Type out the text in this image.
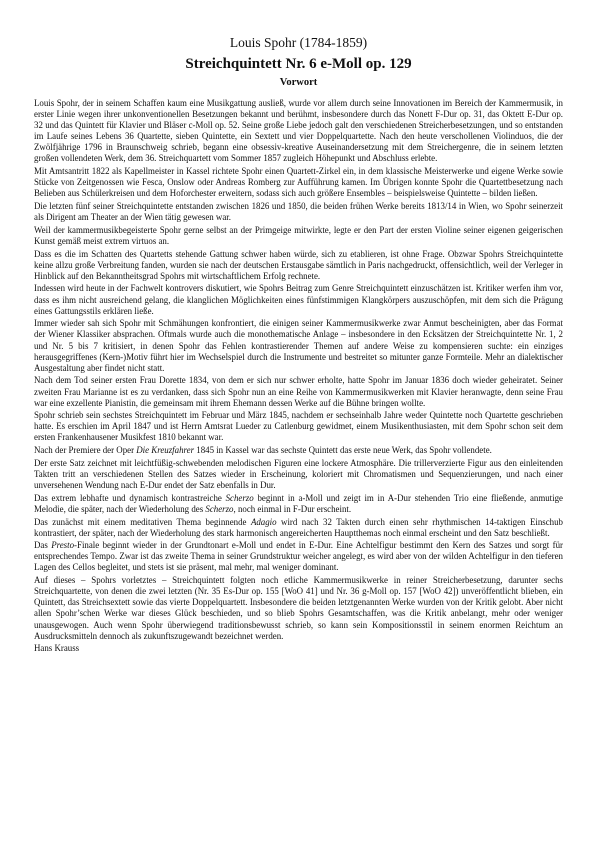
Louis Spohr (1784-1859)
Streichquintett Nr. 6 e-Moll op. 129
Vorwort

Louis Spohr, der in seinem Schaffen kaum eine Musikgattung ausließ, wurde vor allem durch seine Innovationen im Bereich der Kammermusik, in erster Linie wegen ihrer unkonventionellen Besetzungen bekannt und berühmt, insbesondere durch das Nonett F-Dur op. 31, das Oktett E-Dur op. 32 und das Quintett für Klavier und Bläser c-Moll op. 52. Seine große Liebe jedoch galt den verschiedenen Streicherbesetzungen, und so entstanden im Laufe seines Lebens 36 Quartette, sieben Quintette, ein Sextett und vier Doppelquartette. Nach den heute verschollenen Violinduos, die der Zwölfjährige 1796 in Braunschweig schrieb, begann eine obsessiv-kreative Auseinandersetzung mit dem Streichergenre, die in seinem letzten großen vollendeten Werk, dem 36. Streichquartett vom Sommer 1857 zugleich Höhepunkt und Abschluss erlebte.

Mit Amtsantritt 1822 als Kapellmeister in Kassel richtete Spohr einen Quartett-Zirkel ein, in dem klassische Meisterwerke und eigene Werke sowie Stücke von Zeitgenossen wie Fesca, Onslow oder Andreas Romberg zur Aufführung kamen. Im Übrigen konnte Spohr die Quartettbesetzung nach Belieben aus Schülerkreisen und dem Hoforchester erweitern, sodass sich auch größere Ensembles – beispielsweise Quintette – bilden ließen.

Die letzten fünf seiner Streichquintette entstanden zwischen 1826 und 1850, die beiden frühen Werke bereits 1813/14 in Wien, wo Spohr seinerzeit als Dirigent am Theater an der Wien tätig gewesen war.

Weil der kammermusikbegeisterte Spohr gerne selbst an der Primgeige mitwirkte, legte er den Part der ersten Violine seiner eigenen geigerischen Kunst gemäß meist extrem virtuos an.

Dass es die im Schatten des Quartetts stehende Gattung schwer haben würde, sich zu etablieren, ist ohne Frage. Obzwar Spohrs Streichquintette keine allzu große Verbreitung fanden, wurden sie nach der deutschen Erstausgabe sämtlich in Paris nachgedruckt, offensichtlich, weil der Verleger in Hinblick auf den Bekanntheitsgrad Spohrs mit wirtschaftlichem Erfolg rechnete.

Indessen wird heute in der Fachwelt kontrovers diskutiert, wie Spohrs Beitrag zum Genre Streichquintett einzuschätzen ist. Kritiker werfen ihm vor, dass es ihm nicht ausreichend gelang, die klanglichen Möglichkeiten eines fünfstimmigen Klangkörpers auszuschöpfen, mit dem sich die Prägung eines Gattungsstils erklären ließe.

Immer wieder sah sich Spohr mit Schmähungen konfrontiert, die einigen seiner Kammermusikwerke zwar Anmut bescheinigten, aber das Format der Wiener Klassiker absprachen. Oftmals wurde auch die monothematische Anlage – insbesondere in den Ecksätzen der Streichquintette Nr. 1, 2 und Nr. 5 bis 7 kritisiert, in denen Spohr das Fehlen kontrastierender Themen auf andere Weise zu kompensieren suchte: ein einziges herausgegriffenes (Kern-)Motiv führt hier im Wechselspiel durch die Instrumente und bestreitet so mitunter ganze Formteile. Mehr an dialektischer Ausgestaltung aber findet nicht statt.

Nach dem Tod seiner ersten Frau Dorette 1834, von dem er sich nur schwer erholte, hatte Spohr im Januar 1836 doch wieder geheiratet. Seiner zweiten Frau Marianne ist es zu verdanken, dass sich Spohr nun an eine Reihe von Kammermusikwerken mit Klavier heranwagte, denn seine Frau war eine exzellente Pianistin, die gemeinsam mit ihrem Ehemann dessen Werke auf die Bühne bringen wollte.

Spohr schrieb sein sechstes Streichquintett im Februar und März 1845, nachdem er sechseinhalb Jahre weder Quintette noch Quartette geschrieben hatte. Es erschien im April 1847 und ist Herrn Amtsrat Lueder zu Catlenburg gewidmet, einem Musikenthusiasten, mit dem Spohr schon seit dem ersten Frankenhausener Musikfest 1810 bekannt war.

Nach der Premiere der Oper Die Kreuzfahrer 1845 in Kassel war das sechste Quintett das erste neue Werk, das Spohr vollendete.

Der erste Satz zeichnet mit leichtfüßig-schwebenden melodischen Figuren eine lockere Atmosphäre. Die trillerverzierte Figur aus den einleitenden Takten tritt an verschiedenen Stellen des Satzes wieder in Erscheinung, koloriert mit Chromatismen und Sequenzierungen, und nach einer unversehenen Wendung nach E-Dur endet der Satz ebenfalls in Dur.

Das extrem lebhafte und dynamisch kontrastreiche Scherzo beginnt in a-Moll und zeigt im in A-Dur stehenden Trio eine fließende, anmutige Melodie, die später, nach der Wiederholung des Scherzo, noch einmal in F-Dur erscheint.

Das zunächst mit einem meditativen Thema beginnende Adagio wird nach 32 Takten durch einen sehr rhythmischen 14-taktigen Einschub kontrastiert, der später, nach der Wiederholung des stark harmonisch angereicherten Hauptthemas noch einmal erscheint und den Satz beschließt.

Das Presto-Finale beginnt wieder in der Grundtonart e-Moll und endet in E-Dur. Eine Achtelfigur bestimmt den Kern des Satzes und sorgt für entsprechendes Tempo. Zwar ist das zweite Thema in seiner Grundstruktur weicher angelegt, es wird aber von der wilden Achtelfigur in den tieferen Lagen des Cellos begleitet, und stets ist sie präsent, mal mehr, mal weniger dominant.

Auf dieses – Spohrs vorletztes – Streichquintett folgten noch etliche Kammermusikwerke in reiner Streicherbesetzung, darunter sechs Streichquartette, von denen die zwei letzten (Nr. 35 Es-Dur op. 155 [WoO 41] und Nr. 36 g-Moll op. 157 [WoO 42]) unveröffentlicht blieben, ein Quintett, das Streichsextett sowie das vierte Doppelquartett. Insbesondere die beiden letztgenannten Werke wurden von der Kritik gelobt. Aber nicht allen Spohr’schen Werke war dieses Glück beschieden, und so blieb Spohrs Gesamtschaffen, was die Kritik anbelangt, mehr oder weniger unausgewogen. Auch wenn Spohr überwiegend traditionsbewusst schrieb, so kann sein Kompositionsstil in seinem enormen Reichtum an Ausdrucksmitteln dennoch als zukunftszugewandt bezeichnet werden.

Hans Krauss
